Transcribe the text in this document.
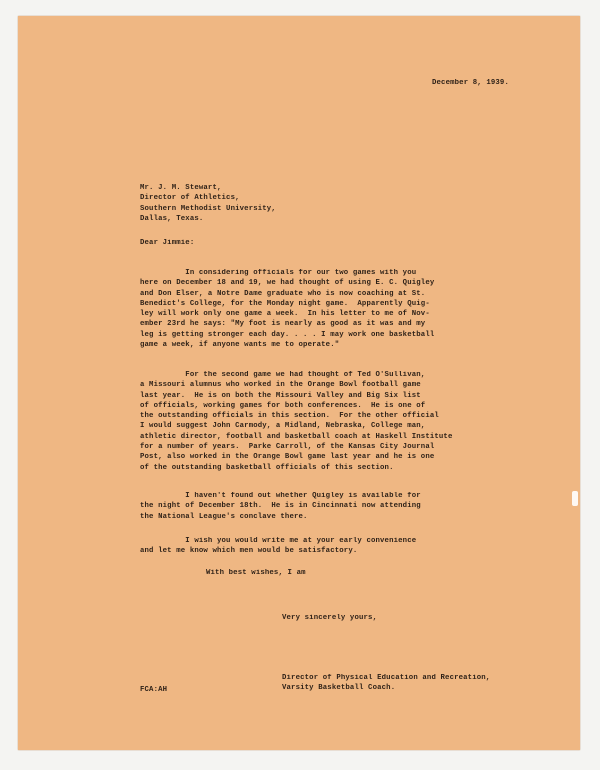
December 8, 1939.
Mr. J. M. Stewart,
Director of Athletics,
Southern Methodist University,
Dallas, Texas.
Dear Jimmie:
In considering officials for our two games with you
here on December 18 and 19, we had thought of using E. C. Quigley
and Don Elser, a Notre Dame graduate who is now coaching at St.
Benedict's College, for the Monday night game.  Apparently Quig-
ley will work only one game a week.  In his letter to me of Nov-
ember 23rd he says: "My foot is nearly as good as it was and my
leg is getting stronger each day. . . . I may work one basketball
game a week, if anyone wants me to operate."
For the second game we had thought of Ted O'Sullivan,
a Missouri alumnus who worked in the Orange Bowl football game
last year.  He is on both the Missouri Valley and Big Six list
of officials, working games for both conferences.  He is one of
the outstanding officials in this section.  For the other official
I would suggest John Carmody, a Midland, Nebraska, College man,
athletic director, football and basketball coach at Haskell Institute
for a number of years.  Parke Carroll, of the Kansas City Journal
Post, also worked in the Orange Bowl game last year and he is one
of the outstanding basketball officials of this section.
I haven't found out whether Quigley is available for
the night of December 18th.  He is in Cincinnati now attending
the National League's conclave there.
I wish you would write me at your early convenience
and let me know which men would be satisfactory.
With best wishes, I am
Very sincerely yours,
Director of Physical Education and Recreation,
Varsity Basketball Coach.
FCA:AH
